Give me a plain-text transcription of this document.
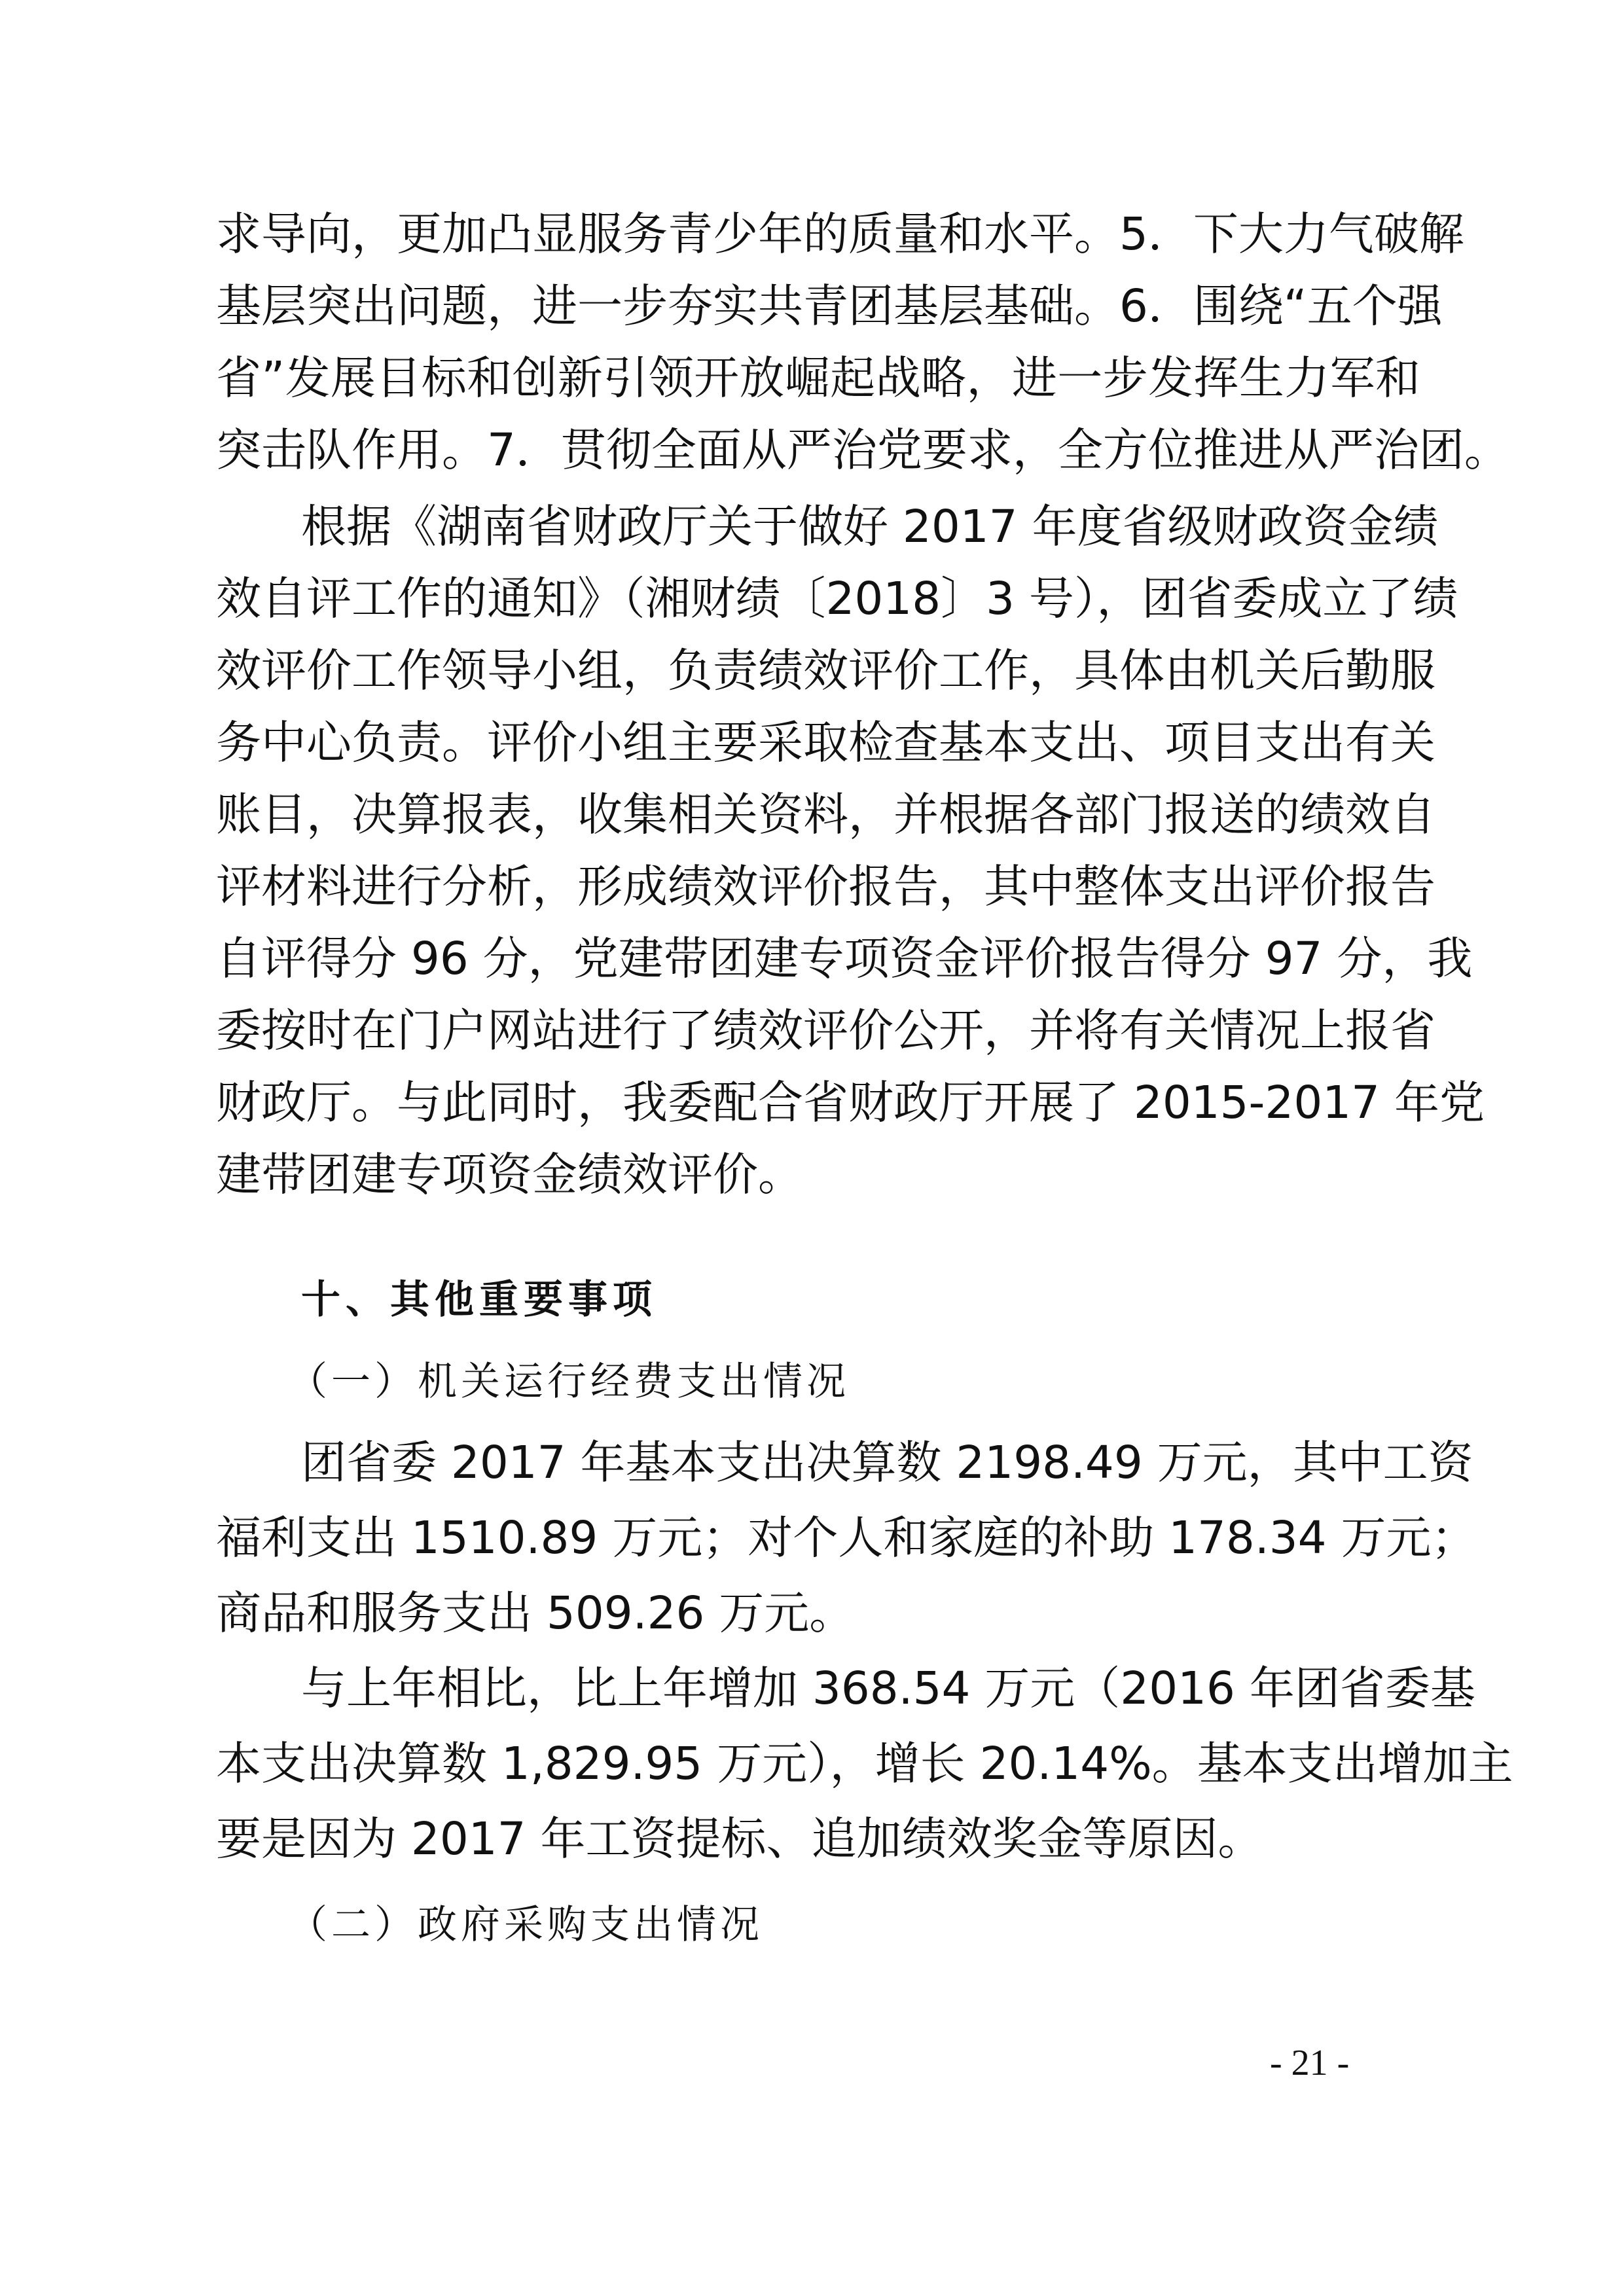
求导向，更加凸显服务青少年的质量和水平。5．下大力气破解
基层突出问题，进一步夯实共青团基层基础。6．围绕“五个强
省”发展目标和创新引领开放崛起战略，进一步发挥生力军和
突击队作用。7．贯彻全面从严治党要求，全方位推进从严治团。
根据《湖南省财政厅关于做好 2017 年度省级财政资金绩
效自评工作的通知》（湘财绩〔2018〕3 号），团省委成立了绩
效评价工作领导小组，负责绩效评价工作，具体由机关后勤服
务中心负责。评价小组主要采取检查基本支出、项目支出有关
账目，决算报表，收集相关资料，并根据各部门报送的绩效自
评材料进行分析，形成绩效评价报告，其中整体支出评价报告
自评得分 96 分，党建带团建专项资金评价报告得分 97 分，我
委按时在门户网站进行了绩效评价公开，并将有关情况上报省
财政厅。与此同时，我委配合省财政厅开展了 2015-2017 年党
建带团建专项资金绩效评价。
十、其他重要事项
（一）机关运行经费支出情况
团省委 2017 年基本支出决算数 2198.49 万元，其中工资
福利支出 1510.89 万元；对个人和家庭的补助 178.34 万元；
商品和服务支出 509.26 万元。
与上年相比，比上年增加 368.54 万元（2016 年团省委基
本支出决算数 1,829.95 万元），增长 20.14%。基本支出增加主
要是因为 2017 年工资提标、追加绩效奖金等原因。
（二）政府采购支出情况
- 21 -
